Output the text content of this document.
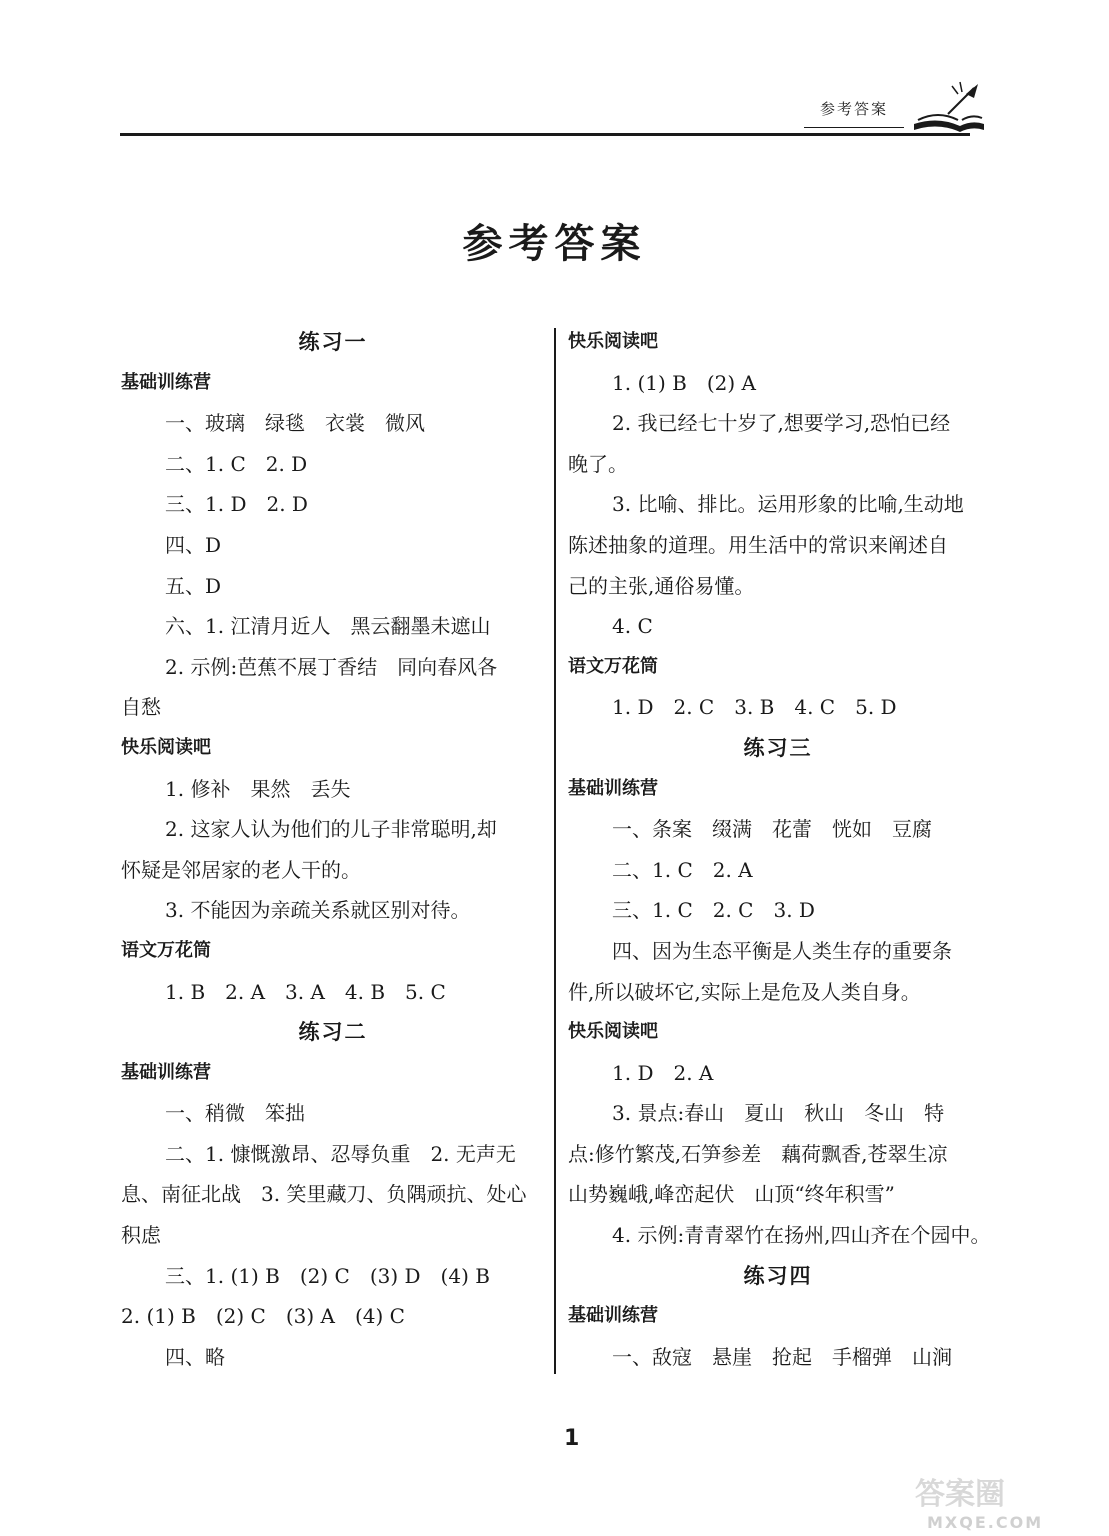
参考答案
参考答案
练习一
基础训练营
一、玻璃　绿毯　衣裳　微风
二、1. C　2. D
三、1. D　2. D
四、D
五、D
六、1. 江清月近人　黑云翻墨未遮山
2. 示例:芭蕉不展丁香结　同向春风各
自愁
快乐阅读吧
1. 修补　果然　丢失
2. 这家人认为他们的儿子非常聪明,却
怀疑是邻居家的老人干的。
3. 不能因为亲疏关系就区别对待。
语文万花筒
1. B　2. A　3. A　4. B　5. C
练习二
基础训练营
一、稍微　笨拙
二、1. 慷慨激昂、忍辱负重　2. 无声无
息、南征北战　3. 笑里藏刀、负隅顽抗、处心
积虑
三、1. (1) B　(2) C　(3) D　(4) B
2. (1) B　(2) C　(3) A　(4) C
四、略
快乐阅读吧
1. (1) B　(2) A
2. 我已经七十岁了,想要学习,恐怕已经
晚了。
3. 比喻、排比。运用形象的比喻,生动地
陈述抽象的道理。用生活中的常识来阐述自
己的主张,通俗易懂。
4. C
语文万花筒
1. D　2. C　3. B　4. C　5. D
练习三
基础训练营
一、条案　缀满　花蕾　恍如　豆腐
二、1. C　2. A
三、1. C　2. C　3. D
四、因为生态平衡是人类生存的重要条
件,所以破坏它,实际上是危及人类自身。
快乐阅读吧
1. D　2. A
3. 景点:春山　夏山　秋山　冬山　特
点:修竹繁茂,石笋参差　藕荷飘香,苍翠生凉
山势巍峨,峰峦起伏　山顶“终年积雪”
4. 示例:青青翠竹在扬州,四山齐在个园中。
练习四
基础训练营
一、敌寇　悬崖　抢起　手榴弹　山涧
1
答案圈
MXQE.COM
